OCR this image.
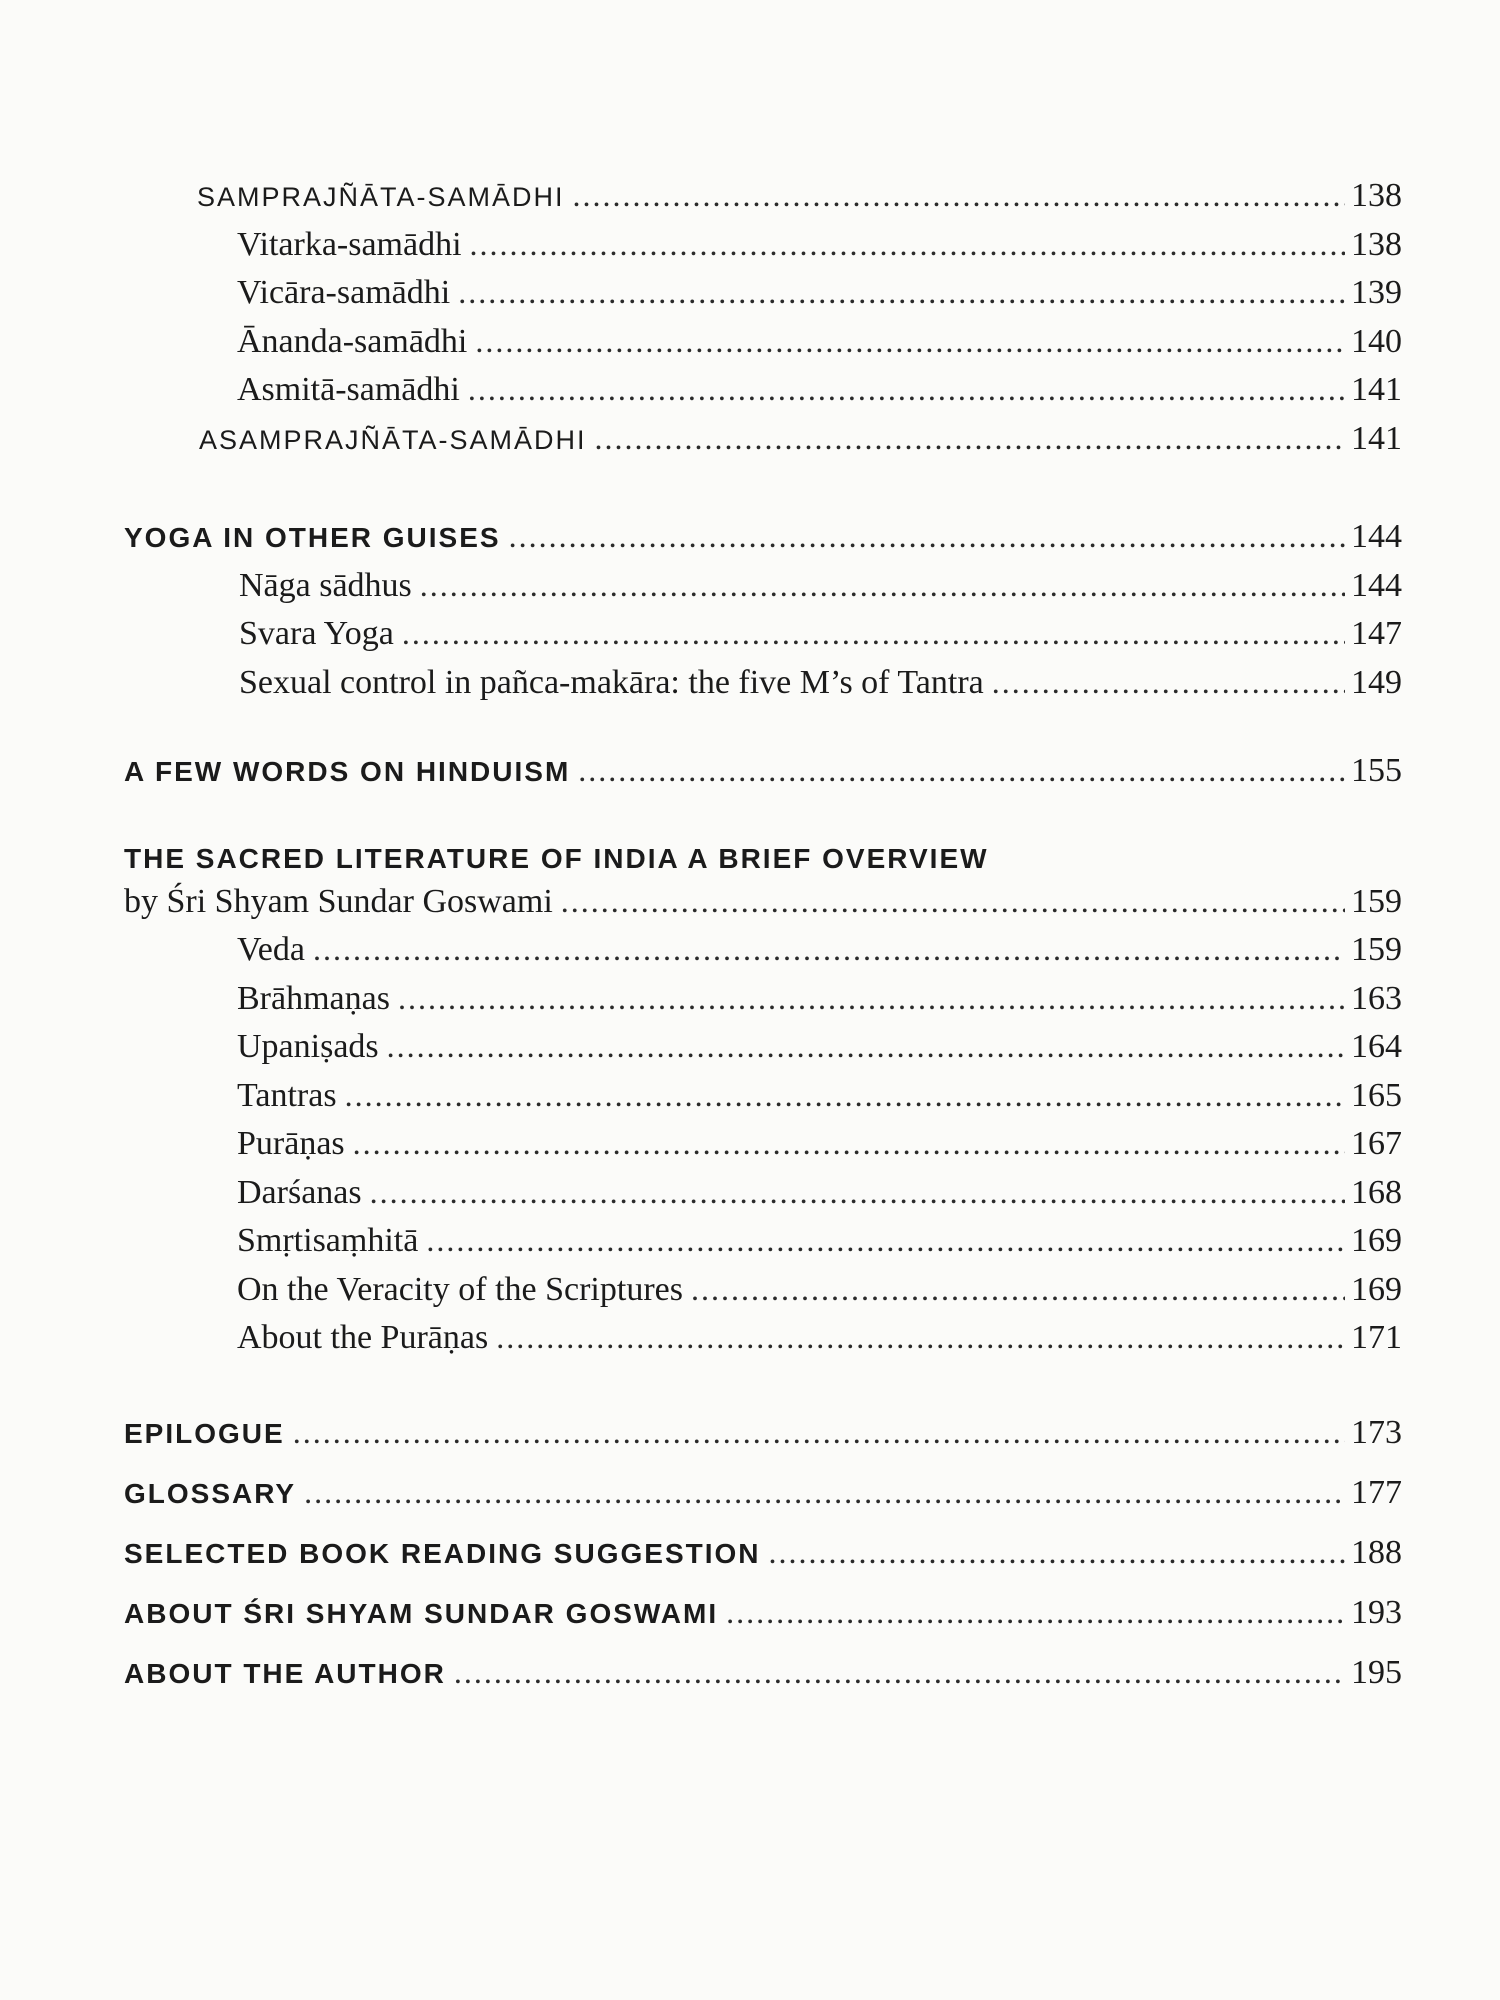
SAMPRAJÑĀTA-SAMĀDHI .....	138
Vitarka-samādhi .....	138
Vicāra-samādhi .....	139
Ānanda-samādhi .....	140
Asmitā-samādhi .....	141
ASAMPRAJÑĀTA-SAMĀDHI .....	141
YOGA IN OTHER GUISES .....	144
Nāga sādhus .....	144
Svara Yoga .....	147
Sexual control in pañca-makāra: the five M’s of Tantra .....	149
A FEW WORDS ON HINDUISM .....	155
THE SACRED LITERATURE OF INDIA A BRIEF OVERVIEW
by Śri Shyam Sundar Goswami .....	159
Veda .....	159
Brāhmaṇas .....	163
Upaniṣads .....	164
Tantras .....	165
Purāṇas .....	167
Darśanas .....	168
Smṛtisaṃhitā .....	169
On the Veracity of the Scriptures .....	169
About the Purāṇas .....	171
EPILOGUE .....	173
GLOSSARY .....	177
SELECTED BOOK READING SUGGESTION .....	188
ABOUT ŚRI SHYAM SUNDAR GOSWAMI .....	193
ABOUT THE AUTHOR .....	195
